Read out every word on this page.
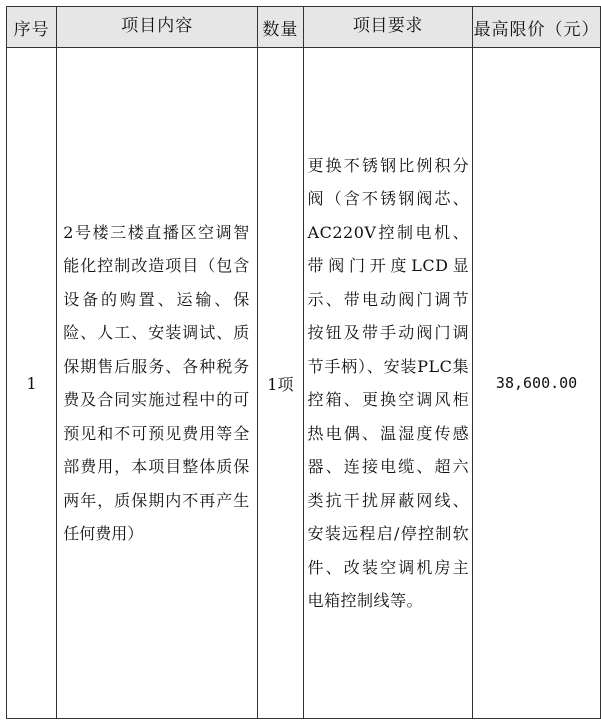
序号	项目内容	数量	项目要求	最高限价（元）
1	2号楼三楼直播区空调智能化控制改造项目（包含设备的购置、运输、保险、人工、安装调试、质保期售后服务、各种税务费及合同实施过程中的可预见和不可预见费用等全部费用，本项目整体质保两年，质保期内不再产生任何费用）	1项	更换不锈钢比例积分阀（含不锈钢阀芯、AC220V控制电机、带阀门开度LCD显示、带电动阀门调节按钮及带手动阀门调节手柄）、安装PLC集控箱、更换空调风柜热电偶、温湿度传感器、连接电缆、超六类抗干扰屏蔽网线、安装远程启/停控制软件、改装空调机房主电箱控制线等。	38,600.00
